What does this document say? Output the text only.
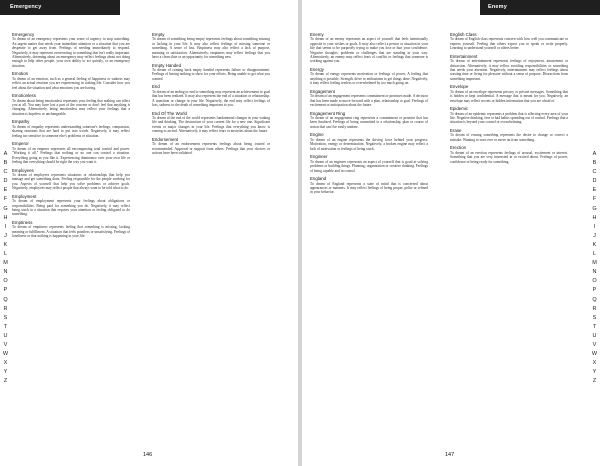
Emergency
A
B
C
D
E
F
G
H
I
J
K
L
M
N
O
P
Q
R
S
T
U
V
W
X
Y
Z
Emergency

To dream of an emergency represents your sense of urgency to stop something. An urgent matter that needs your immediate attention or a situation that you are desperate to get away from. Feelings of needing immediately to respond. Negatively, it may represent overreacting to something that isn't really important. Alternatively, dreaming about an emergency may reflect feelings about not doing enough to help other people, your own ability to act quickly, or an emergency situation.

Emotion

To dream of an emotion, such as a general feeling of happiness or sadness may reflect an actual emotion you are experiencing in waking life. Consider how you feel about the situation and what emotions you are having.

Emotionless

To dream about being emotionless represents your feeling that nothing can affect you at all. You may have lost a part of the concern or don't feel that anything is changing. Alternatively, being emotionless may reflect your feelings that a situation is hopeless or unchangeable.

Empathy

To dream of empathy represents understanding someone's feelings, compassion, sharing emotions that are hard to put into words. Negatively, it may reflect feeling too sensitive to someone else's problems or situation.

Emperor

To dream of an emperor represents all encompassing total control and power. "Working it all." Feelings that nothing or no one can control a situation. Everything going as you like it. Experiencing dominance over your own life or feeling that everything should be right the way you want it.

Employees

To dream of employees represents situations or relationships that help you manage and get something done. Feeling responsible for the people working for you. Aspects of yourself that help you solve problems or achieve goals. Negatively, employees may reflect people that always want to be told what to do.

Employment

To dream of employment represents your feelings about obligations or responsibilities. Being paid for something you do. Negatively, it may reflect being stuck in a situation that requires your attention or feeling obligated to do something.

Emptiness

To dream of emptiness represents feeling that something is missing, lacking meaning or fulfillment. A situation that feels pointless or unsatisfying. Feelings of loneliness or that nothing is happening in your life.

Empty

To dream of something being empty represents feelings about something missing or lacking in your life. It may also reflect feelings of missing someone or something. A sense of loss. Emptiness may also reflect a lack of purpose, meaning or satisfaction. Alternatively, emptiness may reflect feelings that you have a clean slate or an opportunity for something new.

Empty Handed

To dream of coming back empty handed represents failure or disappointment. Feelings of having nothing to show for your efforts. Being unable to get what you wanted.

End

To dream of an ending or end to something may represent an achievement or goal that has been realized. It may also represent the end of a situation or relationship. A transition or change in your life. Negatively, the end may reflect feelings of loss, sadness or the death of something important to you.

End Of The World

To dream of the end of the world represents fundamental changes in your waking life and thinking. The destruction of your current life for a new one. Significant events or major changes in your life. Feelings that everything you know is coming to an end. Alternatively, it may reflect fears or anxieties about the future.

Endorsement

To dream of an endorsement represents feelings about being trusted or recommended. Approval or support from others. Feelings that your choices or actions have been validated.

146
Enemy
A
B
C
D
E
F
G
H
I
J
K
L
M
N
O
P
Q
R
S
T
U
V
W
X
Y
Z
Enemy

To dream of an enemy represents an aspect of yourself that feels intentionally opposite to your wishes or goals. It may also reflect a person or situation in your life that seems to be purposely trying to make you lose or hurt your confidence. Negative thoughts, problems or challenges that are standing in your way. Alternatively, an enemy may reflect fears of conflict or feelings that someone is working against you.

Energy

To dream of energy represents motivation or feelings of power. A feeling that anything is possible. Strength, drive or enthusiasm to get things done. Negatively, it may reflect feeling restless or overwhelmed by too much going on.

Engagement

To dream of an engagement represents commitment or promises made. A decision that has been made to move forward with a plan, relationship or goal. Feelings of excitement or anticipation about the future.

Engagement Ring

To dream of an engagement ring represents a commitment or promise that has been finalized. Feelings of being committed to a relationship, plan or course of action that can't be easily undone.

Engine

To dream of an engine represents the driving force behind your progress. Motivation, energy or determination. Negatively, a broken engine may reflect a lack of motivation or feelings of being stuck.

Engineer

To dream of an engineer represents an aspect of yourself that is good at solving problems or building things. Planning, organization or creative thinking. Feelings of being capable and in control.

England

To dream of England represents a state of mind that is concerned about appearances or manners. It may reflect feelings of being proper, polite or refined in your behavior.

English Class

To dream of English class represents concern with how well you communicate or express yourself. Feeling that others expect you to speak or write properly. Learning to understand yourself or others better.

Entertainment

To dream of entertainment represents feelings of enjoyment, amusement or distraction. Alternatively, it may reflect avoiding responsibilities or something that needs your attention. Negatively, entertainment may reflect feelings about wasting time or living for pleasure without a sense of purpose. Distractions from something important.

Envelope

To dream of an envelope represents privacy or private messages. Something that is hidden or kept confidential. A message that is meant for you. Negatively, an envelope may reflect secrets or hidden information that you are afraid of.

Epidemic

To dream of an epidemic represents a problem that is affecting every area of your life. Negative thinking, fear or bad habits spreading out of control. Feelings that a situation is beyond your control or overwhelming.

Erase

To dream of erasing something represents the desire to change or correct a mistake. Wanting to start over or move on from something.

Erection

To dream of an erection represents feelings of arousal, excitement or interest. Something that you are very interested in or excited about. Feelings of power, confidence or being ready for something.

147
